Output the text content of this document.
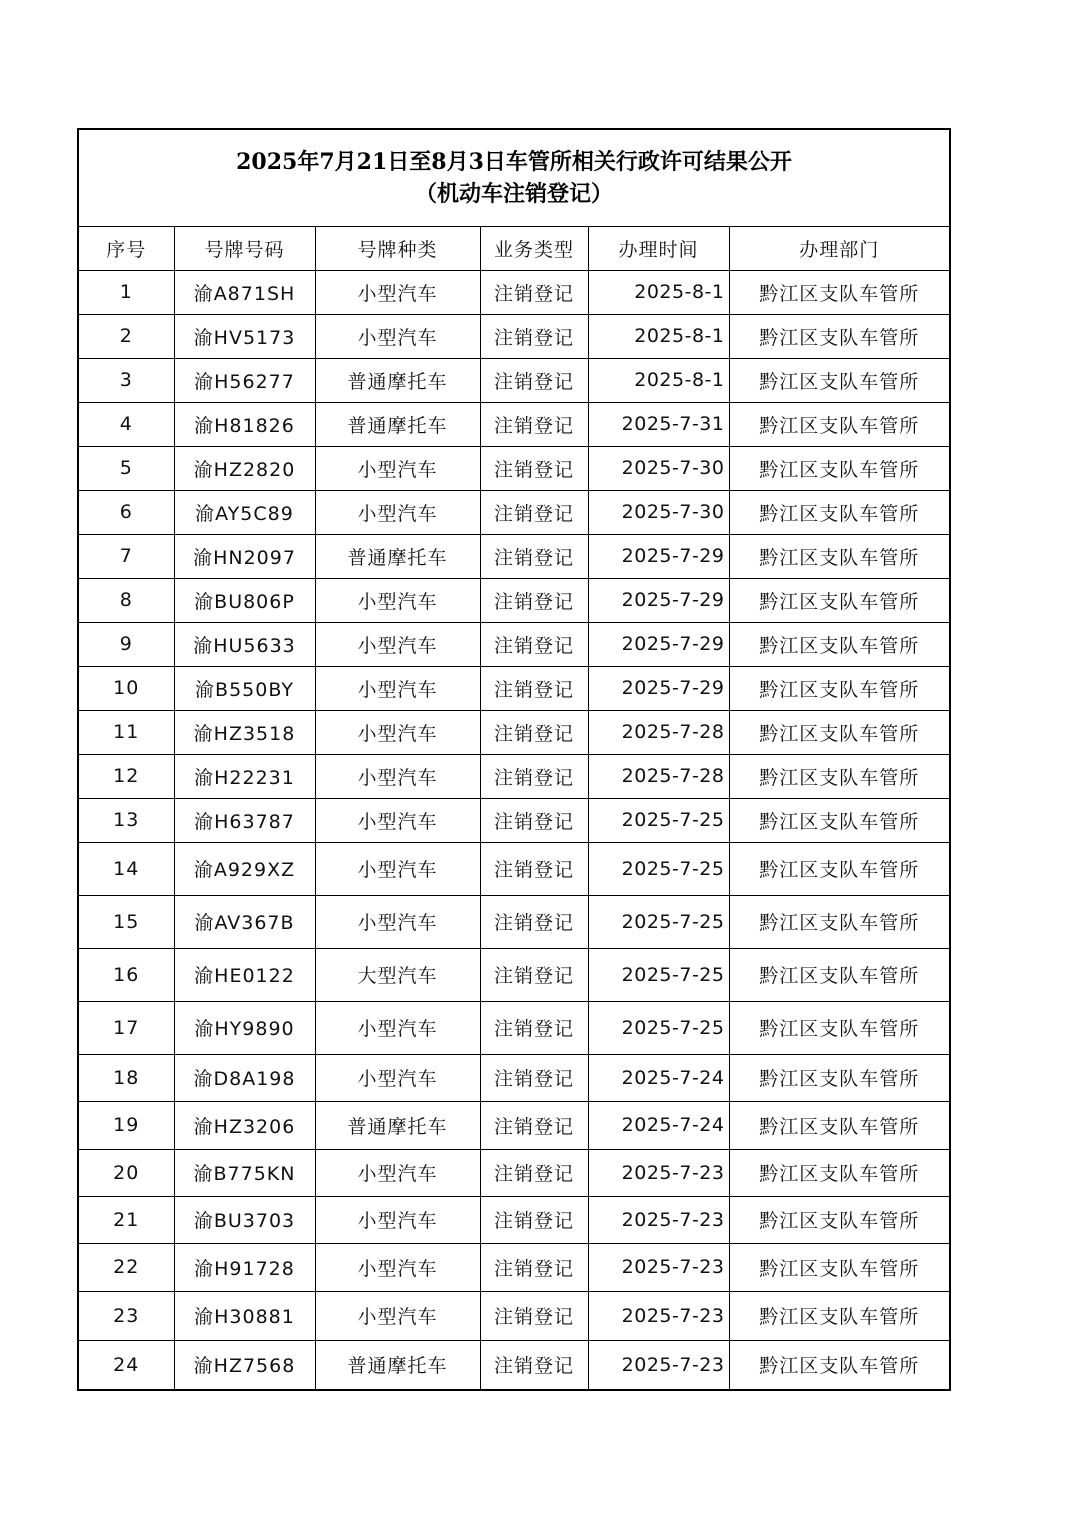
2025年7月21日至8月3日车管所相关行政许可结果公开
（机动车注销登记）
序号	号牌号码	号牌种类	业务类型	办理时间	办理部门
1	渝A871SH	小型汽车	注销登记	2025-8-1	黔江区支队车管所
2	渝HV5173	小型汽车	注销登记	2025-8-1	黔江区支队车管所
3	渝H56277	普通摩托车	注销登记	2025-8-1	黔江区支队车管所
4	渝H81826	普通摩托车	注销登记	2025-7-31	黔江区支队车管所
5	渝HZ2820	小型汽车	注销登记	2025-7-30	黔江区支队车管所
6	渝AY5C89	小型汽车	注销登记	2025-7-30	黔江区支队车管所
7	渝HN2097	普通摩托车	注销登记	2025-7-29	黔江区支队车管所
8	渝BU806P	小型汽车	注销登记	2025-7-29	黔江区支队车管所
9	渝HU5633	小型汽车	注销登记	2025-7-29	黔江区支队车管所
10	渝B550BY	小型汽车	注销登记	2025-7-29	黔江区支队车管所
11	渝HZ3518	小型汽车	注销登记	2025-7-28	黔江区支队车管所
12	渝H22231	小型汽车	注销登记	2025-7-28	黔江区支队车管所
13	渝H63787	小型汽车	注销登记	2025-7-25	黔江区支队车管所
14	渝A929XZ	小型汽车	注销登记	2025-7-25	黔江区支队车管所
15	渝AV367B	小型汽车	注销登记	2025-7-25	黔江区支队车管所
16	渝HE0122	大型汽车	注销登记	2025-7-25	黔江区支队车管所
17	渝HY9890	小型汽车	注销登记	2025-7-25	黔江区支队车管所
18	渝D8A198	小型汽车	注销登记	2025-7-24	黔江区支队车管所
19	渝HZ3206	普通摩托车	注销登记	2025-7-24	黔江区支队车管所
20	渝B775KN	小型汽车	注销登记	2025-7-23	黔江区支队车管所
21	渝BU3703	小型汽车	注销登记	2025-7-23	黔江区支队车管所
22	渝H91728	小型汽车	注销登记	2025-7-23	黔江区支队车管所
23	渝H30881	小型汽车	注销登记	2025-7-23	黔江区支队车管所
24	渝HZ7568	普通摩托车	注销登记	2025-7-23	黔江区支队车管所
